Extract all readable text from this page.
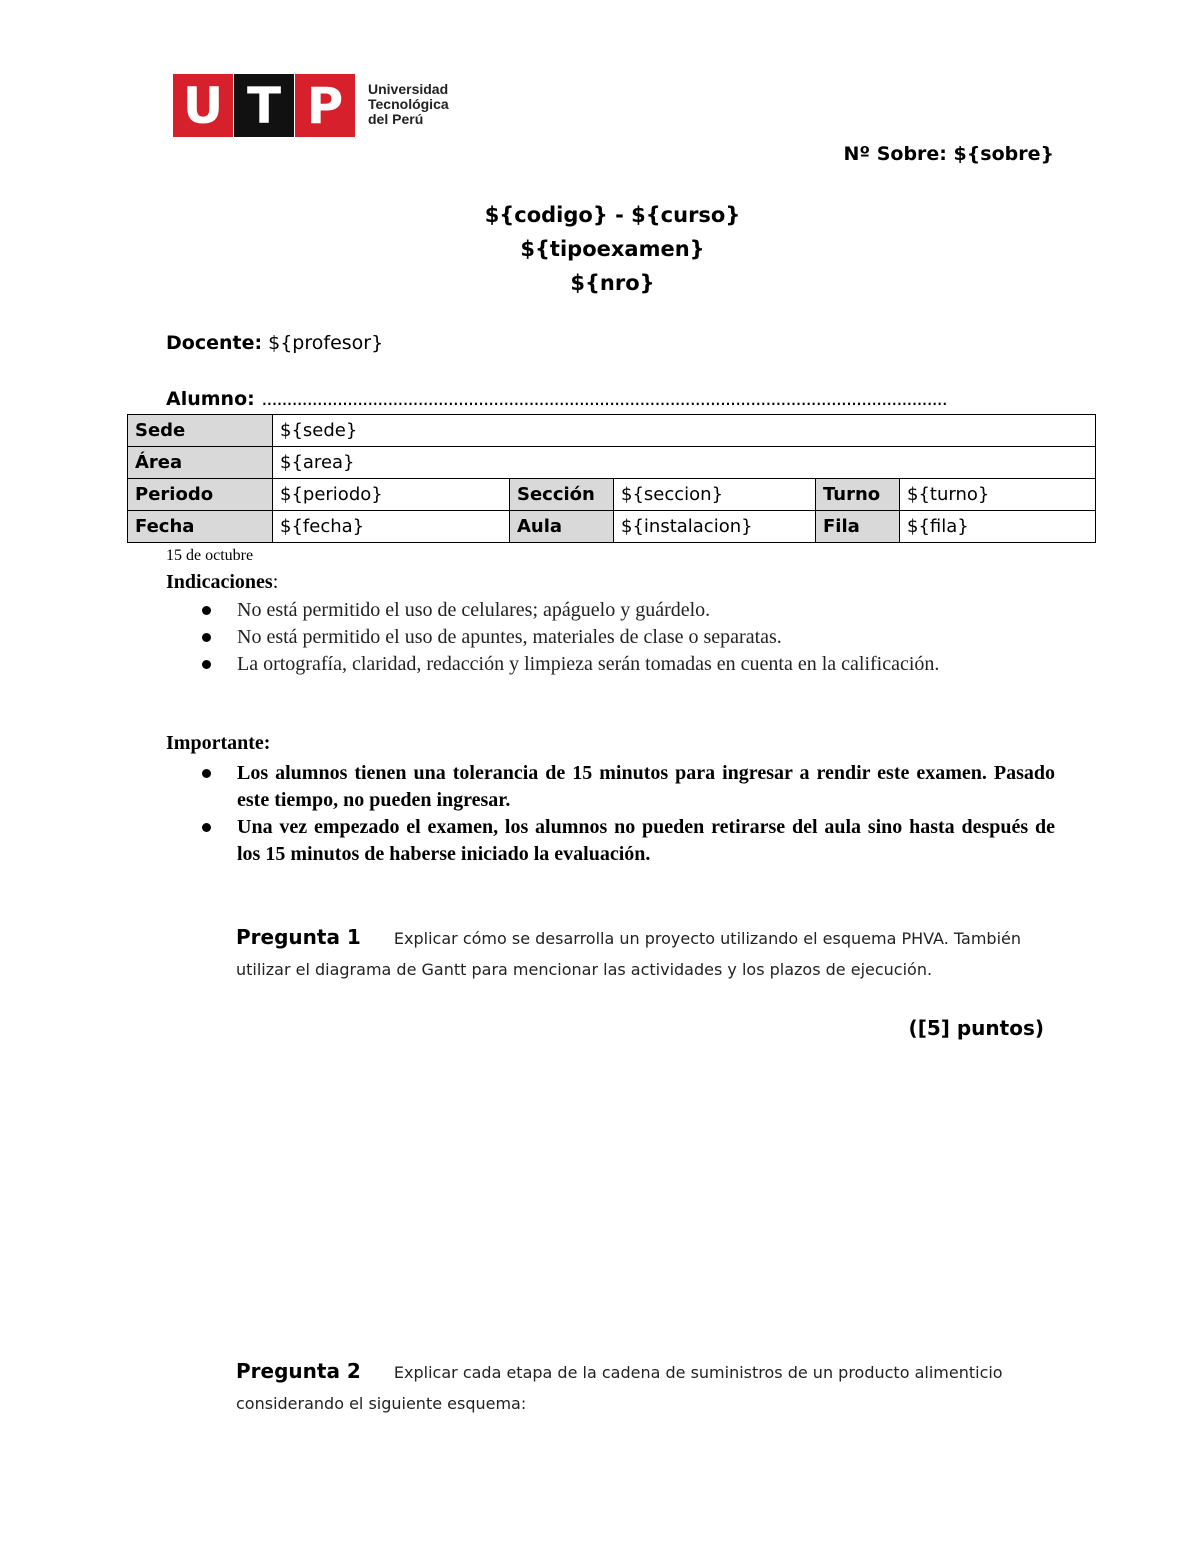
U T P	Universidad
Tecnológica
del Perú
Nº Sobre: ${sobre}
${codigo} - ${curso}
${tipoexamen}
${nro}
Docente: ${profesor}
Alumno: ........................................................................................................................................
Sede	${sede}				
Área	${area}				
Periodo	${periodo}	Sección	${seccion}	Turno	${turno}
Fecha	${fecha}	Aula	${instalacion}	Fila	${fila}
15 de octubre
Indicaciones:
No está permitido el uso de celulares; apáguelo y guárdelo.
No está permitido el uso de apuntes, materiales de clase o separatas.
La ortografía, claridad, redacción y limpieza serán tomadas en cuenta en la calificación.
Importante:
Los alumnos tienen una tolerancia de 15 minutos para ingresar a rendir este examen. Pasado este tiempo, no pueden ingresar.
Una vez empezado el examen, los alumnos no pueden retirarse del aula sino hasta después de los 15 minutos de haberse iniciado la evaluación.
Pregunta 1 Explicar cómo se desarrolla un proyecto utilizando el esquema PHVA. También utilizar el diagrama de Gantt para mencionar las actividades y los plazos de ejecución.
([5] puntos)
Pregunta 2 Explicar cada etapa de la cadena de suministros de un producto alimenticio considerando el siguiente esquema:
